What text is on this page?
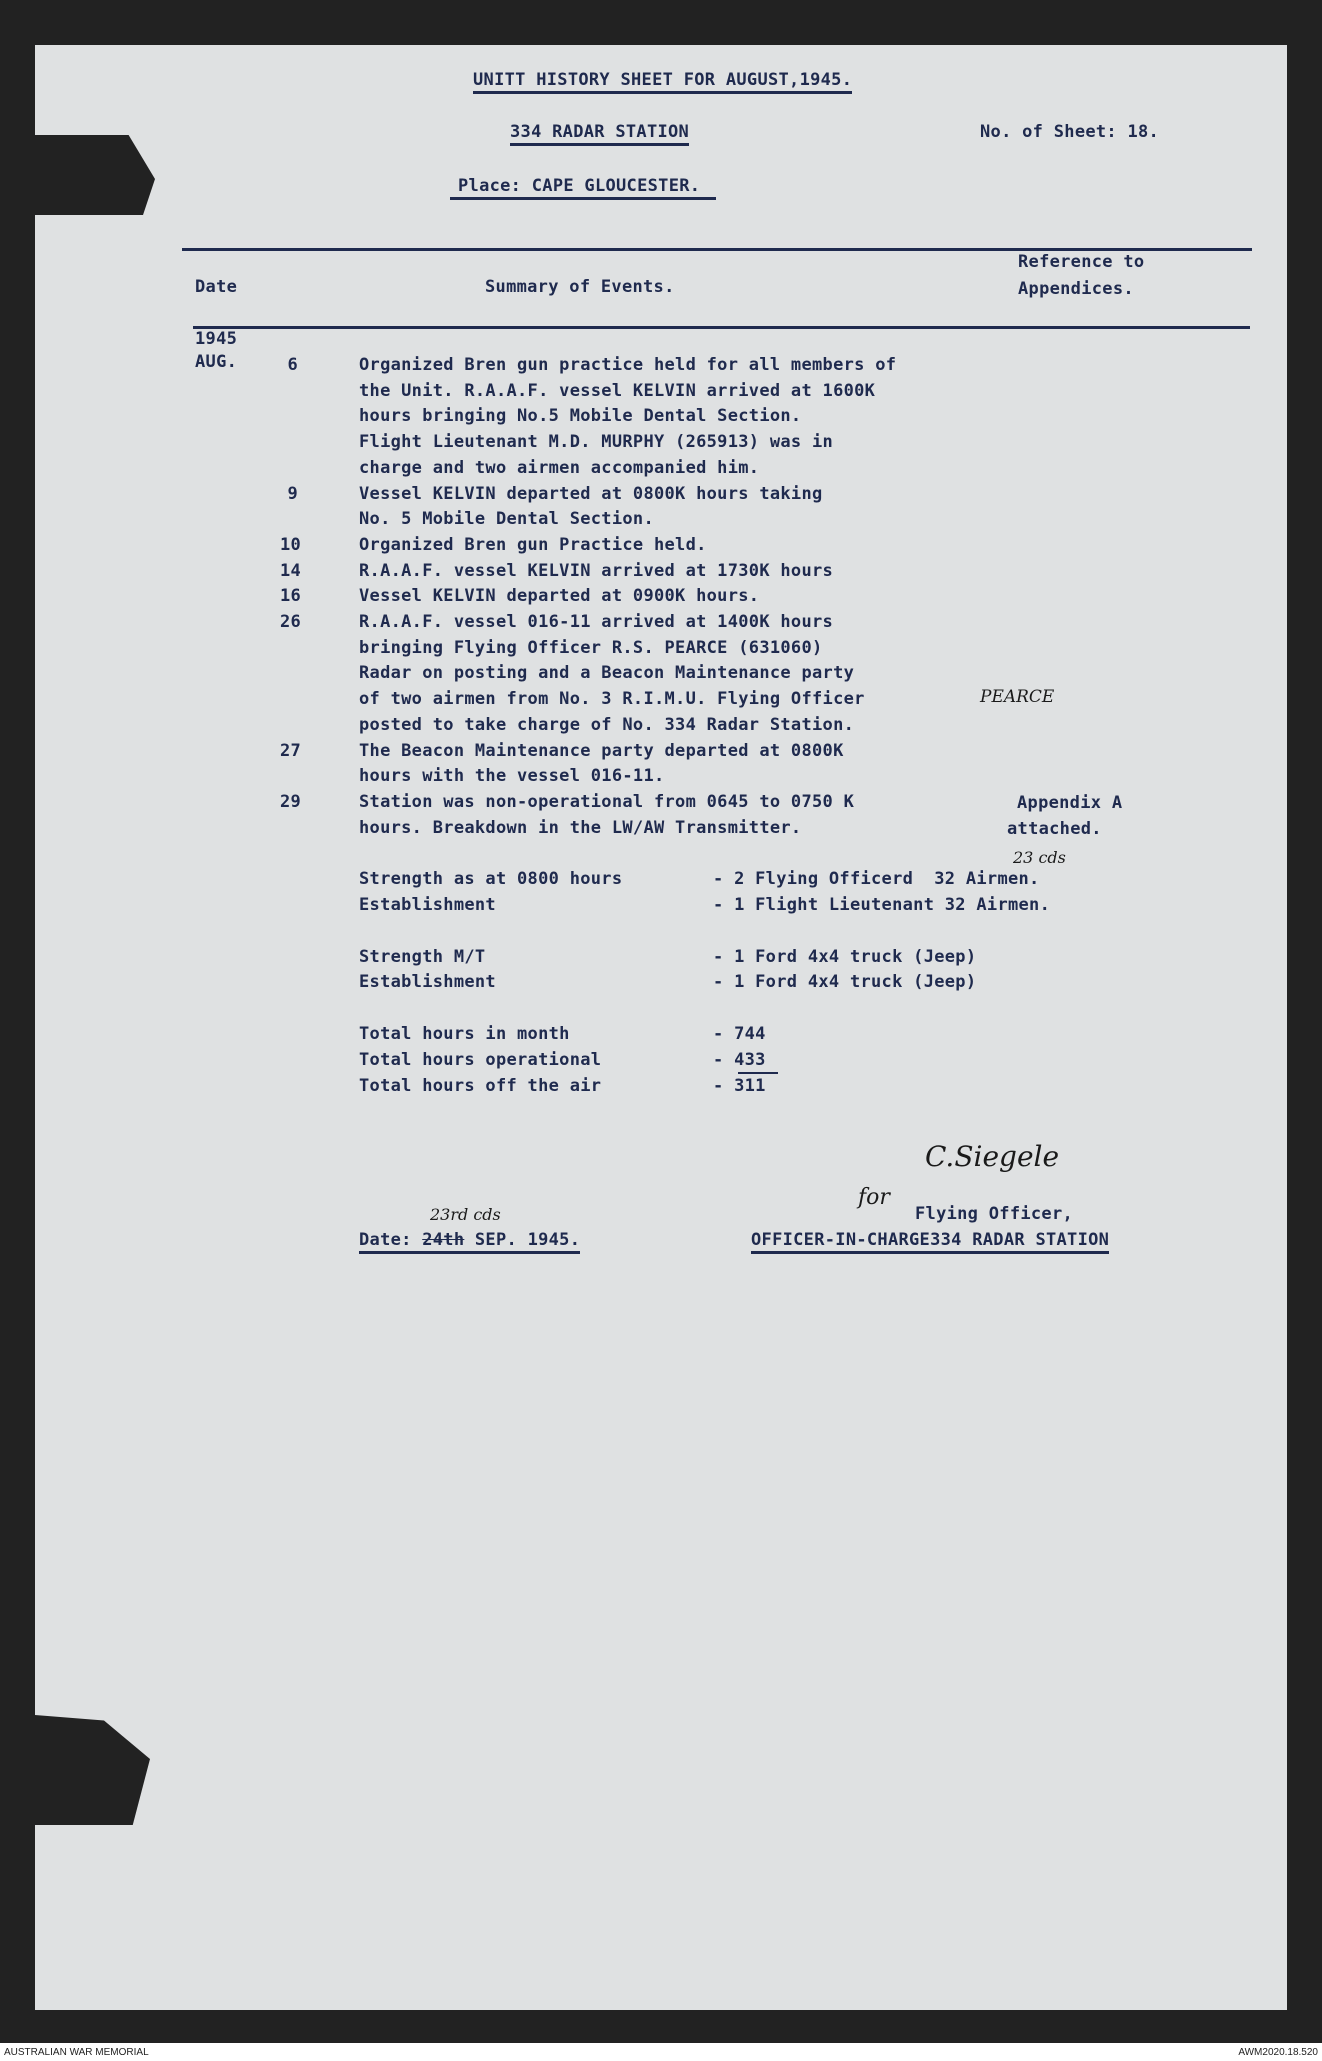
AUSTRALIAN WAR MEMORIAL	AWM2020.18.520
UNITT HISTORY SHEET FOR AUGUST,1945.
334 RADAR STATION	No. of Sheet: 18.
Place: CAPE GLOUCESTER.
Date	Summary of Events.
Reference to
Appendices.
1945
AUG.	6	Organized Bren gun practice held for all members of
the Unit. R.A.A.F. vessel KELVIN arrived at 1600K
hours bringing No.5 Mobile Dental Section.
Flight Lieutenant M.D. MURPHY (265913) was in
charge and two airmen accompanied him.
9	Vessel KELVIN departed at 0800K hours taking
No. 5 Mobile Dental Section.
10	Organized Bren gun Practice held.
14	R.A.A.F. vessel KELVIN arrived at 1730K hours
16	Vessel KELVIN departed at 0900K hours.
26	R.A.A.F. vessel 016-11 arrived at 1400K hours
bringing Flying Officer R.S. PEARCE (631060)
Radar on posting and a Beacon Maintenance party
of two airmen from No. 3 R.I.M.U. Flying Officer
posted to take charge of No. 334 Radar Station.
27	The Beacon Maintenance party departed at 0800K
hours with the vessel 016-11.
29	Station was non-operational from 0645 to 0750 K
hours. Breakdown in the LW/AW Transmitter.
Appendix A
attached.
PEARCE
Strength as at 0800 hours	- 2 Flying Officerd  32 Airmen.
Establishment	- 1 Flight Lieutenant 32 Airmen.
23 cds
Strength M/T	- 1 Ford 4x4 truck (Jeep)
Establishment	- 1 Ford 4x4 truck (Jeep)
Total hours in month	- 744
Total hours operational	- 433
Total hours off the air	- 311
Date: 24th SEP. 1945.
23rd cds
C.Siegele
for
Flying Officer,
OFFICER-IN-CHARGE334 RADAR STATION
